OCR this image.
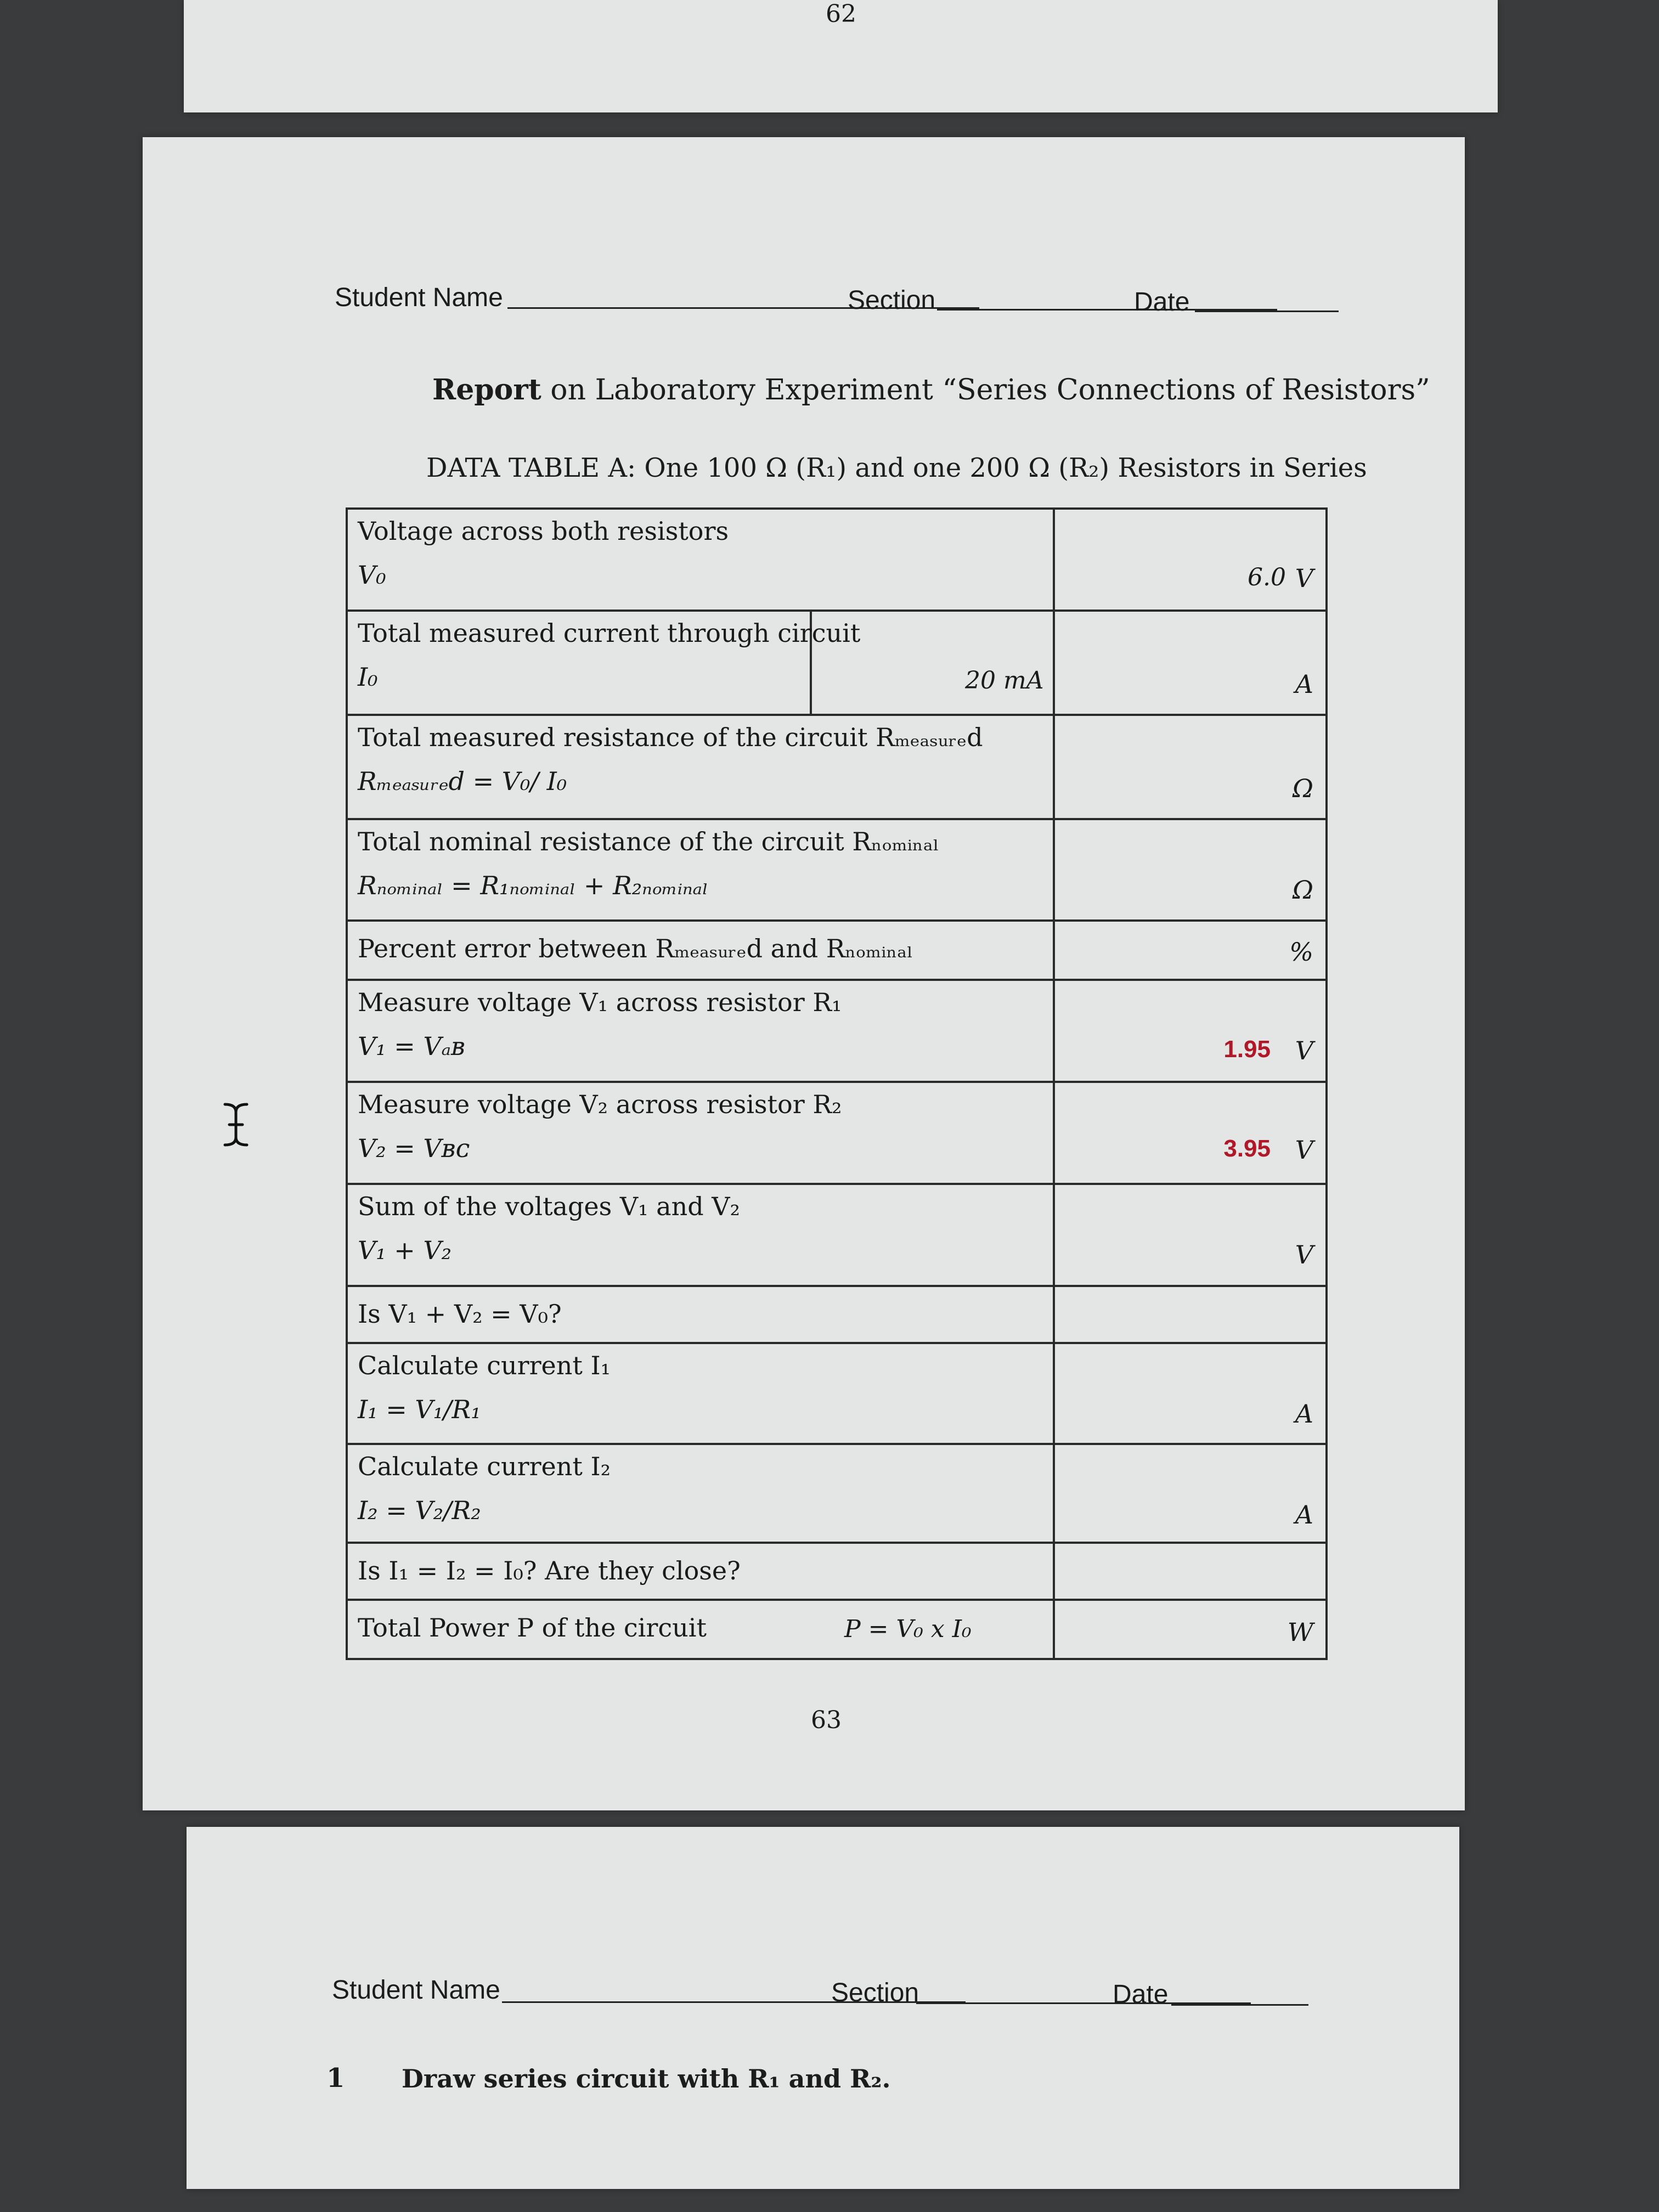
62
Student Name	Section	Date
Report on Laboratory Experiment “Series Connections of Resistors”
DATA TABLE A: One 100 Ω (R₁) and one 200 Ω (R₂) Resistors in Series
Voltage across both resistors
V₀	6.0 V
Total measured current through circuit
I₀	20 mA	A
Total measured resistance of the circuit Rₘₑₐₛᵤᵣₑd
Rₘₑₐₛᵤᵣₑd = V₀/ I₀	Ω
Total nominal resistance of the circuit Rₙₒₘᵢₙₐₗ
Rₙₒₘᵢₙₐₗ = R₁ₙₒₘᵢₙₐₗ + R₂ₙₒₘᵢₙₐₗ	Ω
Percent error between Rₘₑₐₛᵤᵣₑd and Rₙₒₘᵢₙₐₗ	%
Measure voltage V₁ across resistor R₁
V₁ = Vₐʙ	1.95 V
Measure voltage V₂ across resistor R₂
V₂ = Vʙᴄ	3.95 V
Sum of the voltages V₁ and V₂
V₁ + V₂	V
Is V₁ + V₂ = V₀?
Calculate current I₁
I₁ = V₁/R₁	A
Calculate current I₂
I₂ = V₂/R₂	A
Is I₁ = I₂ = I₀? Are they close?
Total Power P of the circuit	P = V₀ x I₀	W
63
Student Name	Section	Date
1 Draw series circuit with R₁ and R₂.
